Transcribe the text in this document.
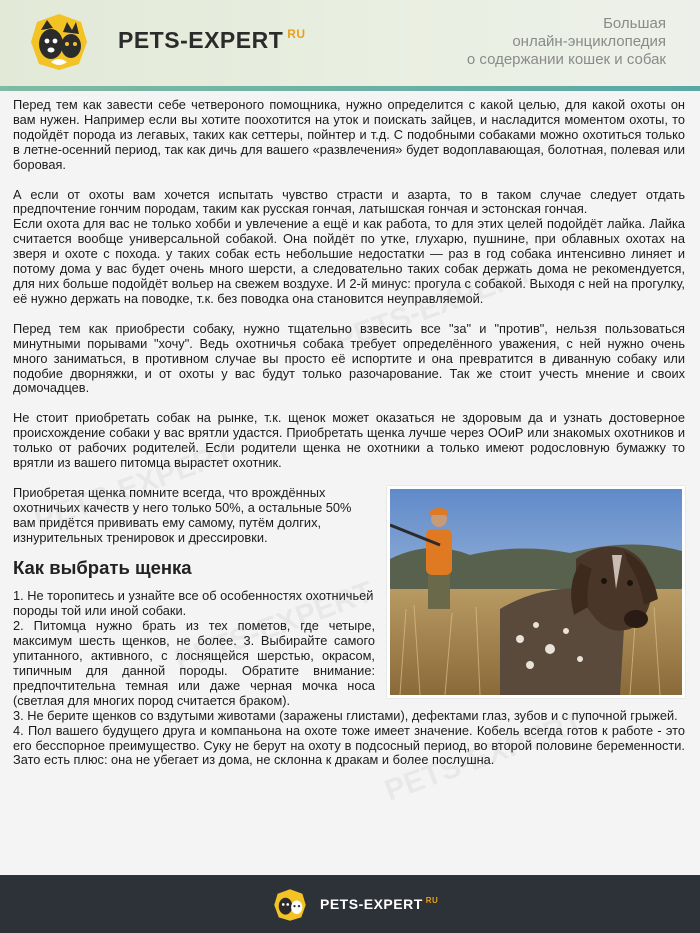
PETS-EXPERT $^{RU}$
Большая
онлайн-энциклопедия
о содержании кошек и собак

Перед тем как завести себе четвероного помощника, нужно определится с какой целью, для какой охоты он вам нужен. Например если вы хотите поохотится на уток и поискать зайцев, и насладится моментом охоты, то подойдёт порода из легавых, таких как сеттеры, пойнтер и т.д. С подобными собаками можно охотиться только в летне-осенний период, так как дичь для вашего «развлечения» будет водоплавающая, болотная, полевая или боровая.

А если от охоты вам хочется испытать чувство страсти и азарта, то в таком случае следует отдать предпочтение гончим породам, таким как русская гончая, латышская гончая и эстонская гончая.

Если охота для вас не только хобби и увлечение а ещё и как работа, то для этих целей подойдёт лайка. Лайка считается вообще универсальной собакой. Она пойдёт по утке, глухарю, пушнине, при облавных охотах на зверя и охоте с похода. у таких собак есть небольшие недостатки — раз в год собака интенсивно линяет и потому дома у вас будет очень много шерсти, а следовательно таких собак держать дома не рекомендуется, для них больше подойдёт вольер на свежем воздухе. И 2-й минус: прогула с собакой. Выходя с ней на прогулку, её нужно держать на поводке, т.к. без поводка она становится неуправляемой.

Перед тем как приобрести собаку, нужно тщательно взвесить все "за" и "против", нельзя пользоваться минутными порывами "хочу". Ведь охотничья собака требует определённого уважения, с ней нужно очень много заниматься, в противном случае вы просто её испортите и она превратится в диванную собаку или подобие дворняжки, и от охоты у вас будут только разочарование. Так же стоит учесть мнение и своих домочадцев.

Не стоит приобретать собак на рынке, т.к. щенок может оказаться не здоровым да и узнать достоверное происхождение собаки у вас врятли удастся. Приобретать щенка лучше через ООиР или знакомых охотников и только от рабочих родителей. Если родители щенка не охотники а только имеют родословную бумажку то врятли из вашего питомца вырастет охотник.

Приобретая щенка помните всегда, что врождённых охотничьих качеств у него только 50%, а остальные 50% вам придётся прививать ему самому, путём долгих, изнурительных тренировок и дрессировки.

Как выбрать щенка

1. Не торопитесь и узнайте все об особенностях охотничьей породы той или иной собаки.

2. Питомца нужно брать из тех пометов, где четыре, максимум шесть щенков, не более. 3. Выбирайте самого упитанного, активного, с лоснящейся шерстью, окрасом, типичным для данной породы. Обратите внимание: предпочтительна темная или даже черная мочка носа (светлая для многих пород считается браком).

3. Не берите щенков со вздутыми животами (заражены глистами), дефектами глаз, зубов и с пупочной грыжей.

4. Пол вашего будущего друга и компаньона на охоте тоже имеет значение. Кобель всегда готов к работе - это его бесспорное преимущество. Суку не берут на охоту в подсосный период, во второй половине беременности. Зато есть плюс: она не убегает из дома, не склонна к дракам и более послушна.

PETS-EXPERT $^{RU}$
